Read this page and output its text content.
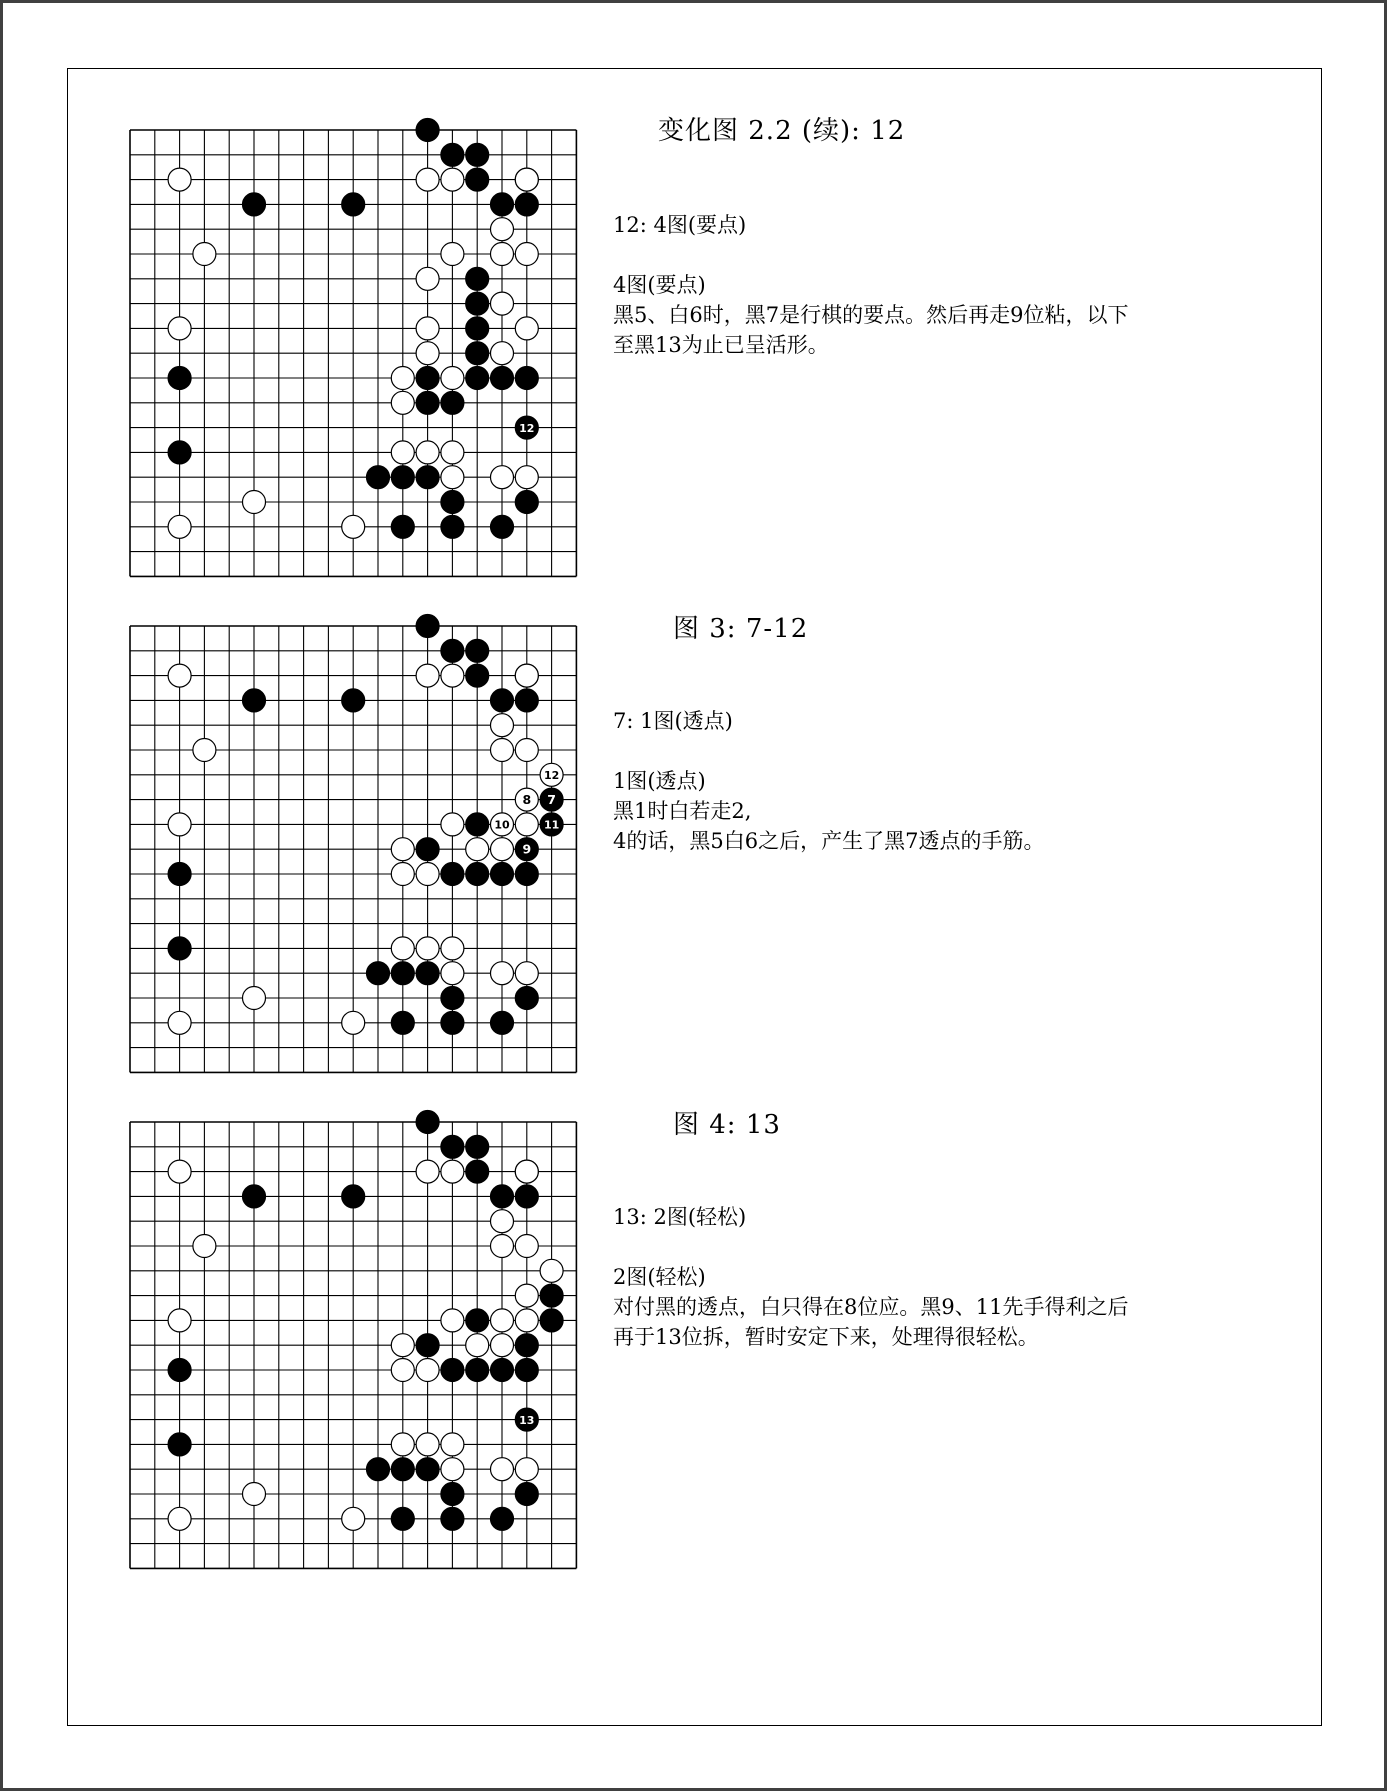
12
变化图 2.2 (续): 12
12: 4图(要点)
4图(要点)
黑5、白6时，黑7是行棋的要点。然后再走9位粘，以下
至黑13为止已呈活形。
12
8 7
10	11
9
图 3: 7-12
7: 1图(透点)
1图(透点)
黑1时白若走2,
4的话，黑5白6之后，产生了黑7透点的手筋。
13
图 4: 13
13: 2图(轻松)
2图(轻松)
对付黑的透点，白只得在8位应。黑9、11先手得利之后
再于13位拆，暂时安定下来，处理得很轻松。
